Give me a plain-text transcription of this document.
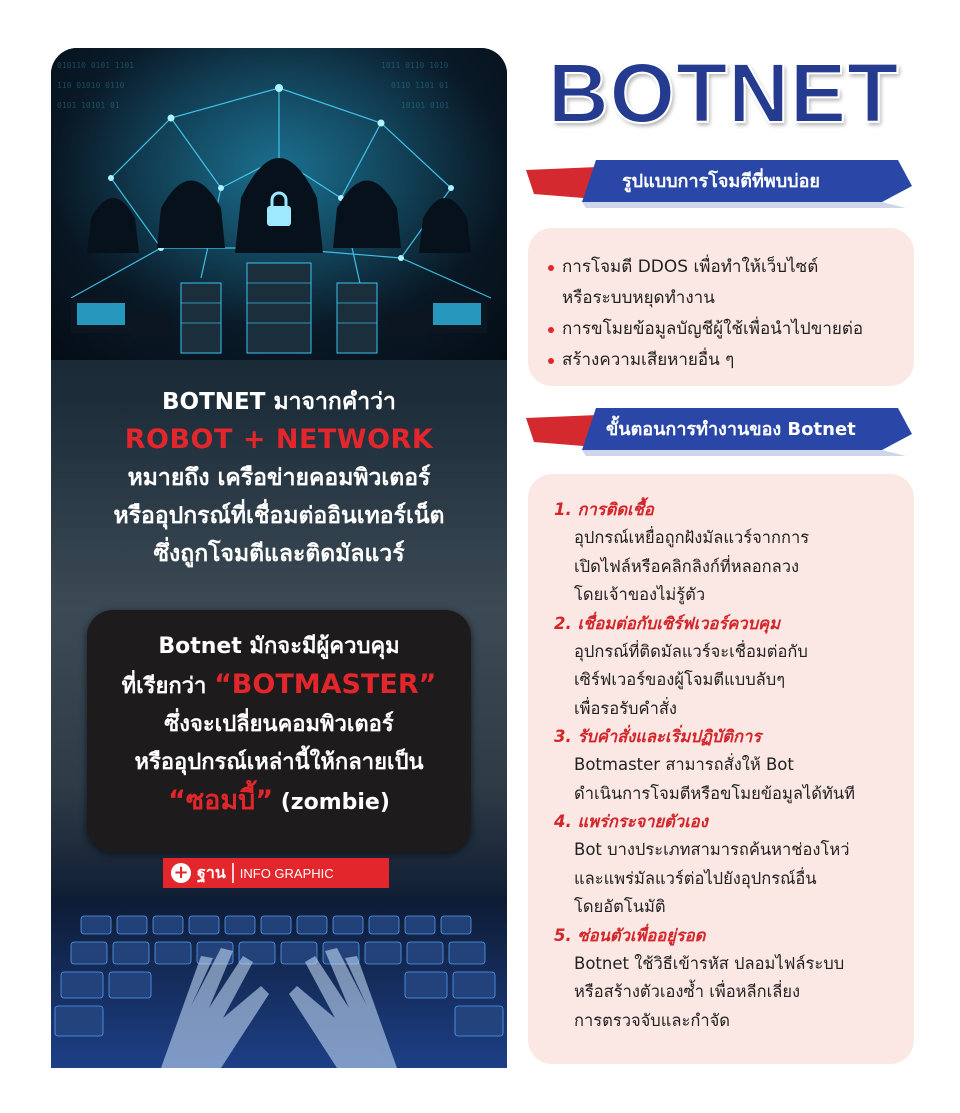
010110 0101 1101
110 01010 0110
0101 10101 01
1011 0110 1010
0110 1101 01
10101 0101
BOTNET มาจากคำว่า
ROBOT + NETWORK
หมายถึง เครือข่ายคอมพิวเตอร์
หรืออุปกรณ์ที่เชื่อมต่ออินเทอร์เน็ต
ซึ่งถูกโจมตีและติดมัลแวร์
Botnet มักจะมีผู้ควบคุม
ที่เรียกว่า “BOTMASTER”
ซึ่งจะเปลี่ยนคอมพิวเตอร์
หรืออุปกรณ์เหล่านี้ให้กลายเป็น
“ซอมบี้” (zombie)
+ ฐาน INFO GRAPHIC
BOTNET
รูปแบบการโจมตีที่พบบ่อย
การโจมตี DDOS เพื่อทำให้เว็บไซต์
หรือระบบหยุดทำงาน
การขโมยข้อมูลบัญชีผู้ใช้เพื่อนำไปขายต่อ
สร้างความเสียหายอื่น ๆ
ขั้นตอนการทำงานของ Botnet
1. การติดเชื้อ
อุปกรณ์เหยื่อถูกฝังมัลแวร์จากการ
เปิดไฟล์หรือคลิกลิงก์ที่หลอกลวง
โดยเจ้าของไม่รู้ตัว
2. เชื่อมต่อกับเซิร์ฟเวอร์ควบคุม
อุปกรณ์ที่ติดมัลแวร์จะเชื่อมต่อกับ
เซิร์ฟเวอร์ของผู้โจมตีแบบลับๆ
เพื่อรอรับคำสั่ง
3. รับคำสั่งและเริ่มปฏิบัติการ
Botmaster สามารถสั่งให้ Bot
ดำเนินการโจมตีหรือขโมยข้อมูลได้ทันที
4. แพร่กระจายตัวเอง
Bot บางประเภทสามารถค้นหาช่องโหว่
และแพร่มัลแวร์ต่อไปยังอุปกรณ์อื่น
โดยอัตโนมัติ
5. ซ่อนตัวเพื่ออยู่รอด
Botnet ใช้วิธีเข้ารหัส ปลอมไฟล์ระบบ
หรือสร้างตัวเองซ้ำ เพื่อหลีกเลี่ยง
การตรวจจับและกำจัด
